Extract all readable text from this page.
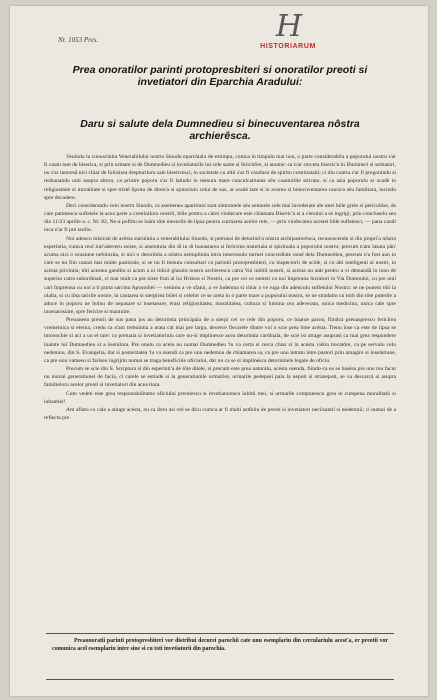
H
HISTORIARUM
Nr. 1053 Pres.
Prea onoratilor parinti protopresbiteri si onoratilor preoti si invetiatori din Eparchia Aradului:
Daru si salute dela Dumnedieu si binecuventarea nôstra archierêsca.

Venindu la cunoscintia Venerabilului nostru Sinodu eparchialu de estimpu, cumca in timpulu mai nou, o parte considerabila a poporului nostru s'ar fi cautu tare de biserica, si prin urmare si de Dumnedieu si invetiaturile lui cele sante si fericitôre, si anume: ca n'ar cerceta biseric'a in Dumineci si serbatori, nu s'ar intereså nici chiar de folosirea drepturilorn sale bisericesci, in societate cu altii s'ar fi condusu de spiritu crestinatatii; ci din contra s'ar fi pregonindu si resbunandu unii asupra altoru, ca printre poporu s'ar fi latindu in mesura mare conculcatiunea sêu casatoriile stricate, si ca asia poporulu ar scadé in religiositate si moralitate si spre tristê lipsitu de diren'a si ajutoriulu celui de sus, ar scadé tare si in averea si binecuventarea causica sêu familiara, lucindu spre decadere.

Deci considerandu vem nostru Sinodu, ca asemenea aparitiuni sunt simtomele séu semnele cele mai invederate ale unei bôle grele si periculôse, de care patimescu sufletele la acea parte a crestiniloru nostrii, bôle pentru a cărei vindecare este chiamata Biseric'a si a clerului a se ingrigi; prin concluselu seu din 11/23 aprilie a. c. Nr. 82, Ne-a poftitu se luâm tôte mesurile de lipsa pentru curmarea acelor rele, — prin vindecarea acestei bôle sufletesci, — pana candi inca n'ar fi pré tardiu.

Noi adencu misicati de acêsta staruintia a venerabilului Sinodu, si petrunsi de detorinti'a nôstra archipastorêsca, recunoscendu si din propri'a nôstra esperintia, cumca reul intr'adeveru esiste, si amenintia din di in di bunastarea si fericirea materiala si spirituala a poporului nostru; precum n'am lasatu pân' acuma nici o ocasiune nefolosita, si nici o detorintia a nôstra neimplinita intru interessulu turmei concrediute nouê dela Dumnedieu, precum n'a fost aun in care se nu fim cautat mai multe pastorale, si se nu fi tienutu consultari cu parintii protopresbiteri, cu inspectorii de scóle, si cu alti inteligenti ai nostri, in acésta privintia; tôti acestea ganditu si acum a ni ridicâ glasulu nostru archierescu catra Voi iubitii nostrii, si acésta nu atât pentru a vi demandâ in tonu de superior catra subordinati, ci mai mult ca pre niste frati ai lui Hristos si Nostrii, ca pre cei ce sunteti cu noi împreuna lucratori in Via Domnului, cu pre unii cari împreuna cu noi a ti purta sarcina Apostoliei — venimu a ve sfatui, a ve îndemna si chiar a ve ruga din adenculu sufletului Nostru: se ne punem tôti la olalta, si cu tôta taririle nostre, la cautarea si sterpirea bôlei si celelor ce se areta in o parte mare a poporului nostru, se ne stradaim cu totii din tôte puterile a aduce in poporu ne bolnu de nepasare si insetaeare, érasi religiositatea, moralitatea, cultura si lumina cea adeverata, unica medicina, unica cale spre insenatosiare, spre fericire si mantuire.

Preoaneea preotii de sus pana jos au detorintia principala de a sterpi cei ce rele din poporu, ce baatue pacea, fiindca preoasprescu fericirea vremelnica si eterna, credu ca n'am trebuintia a arata cat mai pre largu, deorece fiecarele dintre voi o scie prea bine acésta. Tienu inse ca este de lipsa se intonochie si aci a un el tare: ca pretuaia si invetiatoriulu care nu-si implinesce acea detorintia cardinala, de scie isi atrage asuprasi ca mai grea respundere inainte lui Dumnedieu si a ôsenilora. Pre unulu ca acela nu numai Dumnedieu 'lu va certa si cerca chiar si in acésta viétia trecatôre, ca pe servulu celu nedemnu, din S. Evangelia, dar si posteritatea 'lu va osendi ca pre unu nedemnu de chiamarea sa, ca pre unu intratu intre pastori prin amagire si inselatiune, ca pre unu vamesu si fariseu ingrijitu numai se traga beneficiile oficiului, dar nu ca se si implinésca detorintiele legate de oficiu.

Precum se scie din S. Scriptura si din esperinti'a de tôte dilele, si precum este prea naturalu, acésta osenda, fiindu-ca ea se basésa pre unu reu facut nu numai generatiunei de facia, ci carele se estinde si la generatiunile urmatôre, urmarile pedepsei pala la nepoti si stranepoti, se va descarcá si asupra familieloru acelor preoti si invetiatori din acea tiara.

Cum vedeti este grea responsabilitatea oficiului preotiescu si invetiatorescu iubitii mei, si urmarile compunescu grea in cumpena moralitatii si iubantiei!

Am aflatu cu cale a atinge acésta, nu ca doru asi vré se dicu cumca ar fi multi astfeliu de preoti si invetiatori neciisantii si nedemnii; ci numai de a reflecta pre

Preaonoratii parinti protopresbiteri vor distribui decurei parochii cate unu esemplariu din cerculariulu acest'a, er preotii vor comunica acel esemplariu intre sine si cu toti invetiatorii din parochia.
